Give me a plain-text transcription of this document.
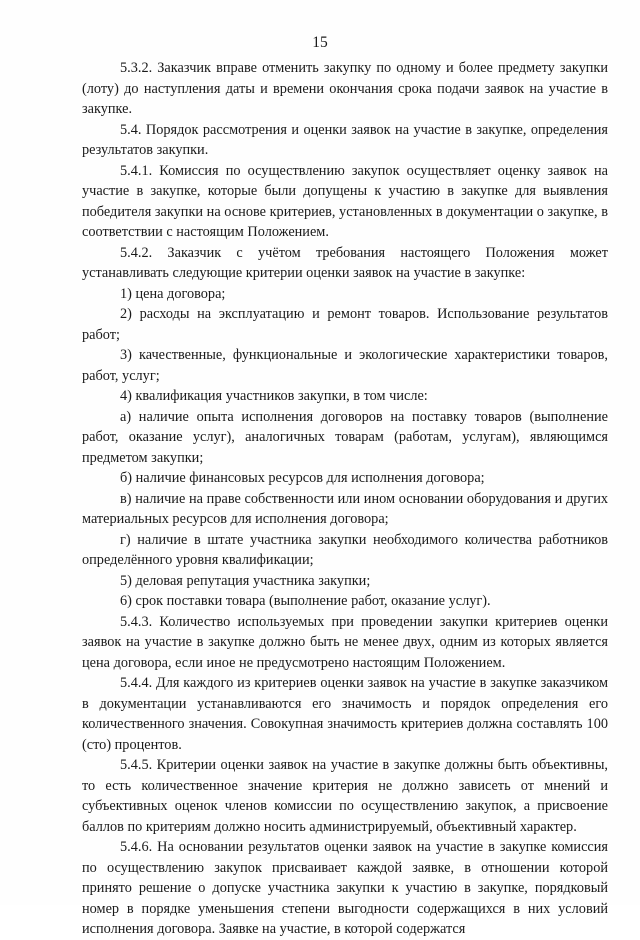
15

5.3.2. Заказчик вправе отменить закупку по одному и более предмету закупки (лоту) до наступления даты и времени окончания срока подачи заявок на участие в закупке.

5.4. Порядок рассмотрения и оценки заявок на участие в закупке, определения результатов закупки.

5.4.1. Комиссия по осуществлению закупок осуществляет оценку заявок на участие в закупке, которые были допущены к участию в закупке для выявления победителя закупки на основе критериев, установленных в документации о закупке, в соответствии с настоящим Положением.

5.4.2. Заказчик с учётом требования настоящего Положения может устанавливать следующие критерии оценки заявок на участие в закупке:

1) цена договора;

2) расходы на эксплуатацию и ремонт товаров. Использование результатов работ;

3) качественные, функциональные и экологические характеристики товаров, работ, услуг;

4) квалификация участников закупки, в том числе:

а) наличие опыта исполнения договоров на поставку товаров (выполнение работ, оказание услуг), аналогичных товарам (работам, услугам), являющимся предметом закупки;

б) наличие финансовых ресурсов для исполнения договора;

в) наличие на праве собственности или ином основании оборудования и других материальных ресурсов для исполнения договора;

г) наличие в штате участника закупки необходимого количества работников определённого уровня квалификации;

5) деловая репутация участника закупки;

6) срок поставки товара (выполнение работ, оказание услуг).

5.4.3. Количество используемых при проведении закупки критериев оценки заявок на участие в закупке должно быть не менее двух, одним из которых является цена договора, если иное не предусмотрено настоящим Положением.

5.4.4. Для каждого из критериев оценки заявок на участие в закупке заказчиком в документации устанавливаются его значимость и порядок определения его количественного значения. Совокупная значимость критериев должна составлять 100 (сто) процентов.

5.4.5. Критерии оценки заявок на участие в закупке должны быть объективны, то есть количественное значение критерия не должно зависеть от мнений и субъективных оценок членов комиссии по осуществлению закупок, а присвоение баллов по критериям должно носить администрируемый, объективный характер.

5.4.6. На основании результатов оценки заявок на участие в закупке комиссия по осуществлению закупок присваивает каждой заявке, в отношении которой принято решение о допуске участника закупки к участию в закупке, порядковый номер в порядке уменьшения степени выгодности содержащихся в них условий исполнения договора. Заявке на участие, в которой содержатся
